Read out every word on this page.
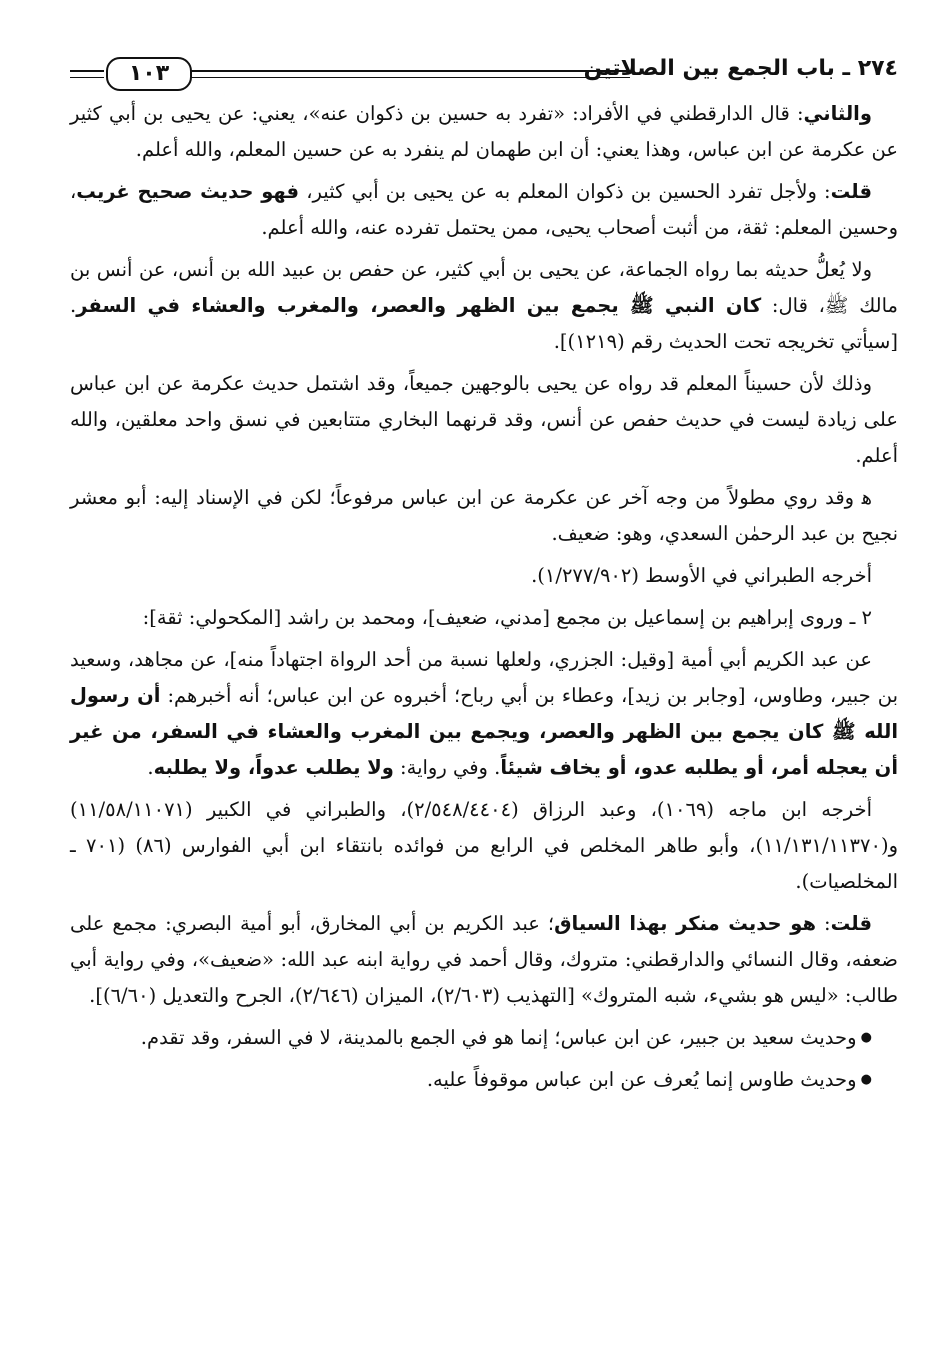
٢٧٤ ـ باب الجمع بين الصلاتين
١٠٣

والثاني: قال الدارقطني في الأفراد: «تفرد به حسين بن ذكوان عنه»، يعني: عن يحيى بن أبي كثير عن عكرمة عن ابن عباس، وهذا يعني: أن ابن طهمان لم ينفرد به عن حسين المعلم، والله أعلم.

قلت: ولأجل تفرد الحسين بن ذكوان المعلم به عن يحيى بن أبي كثير، فهو حديث صحيح غريب، وحسين المعلم: ثقة، من أثبت أصحاب يحيى، ممن يحتمل تفرده عنه، والله أعلم.

ولا يُعلُّ حديثه بما رواه الجماعة، عن يحيى بن أبي كثير، عن حفص بن عبيد الله بن أنس، عن أنس بن مالك ﷺ، قال: كان النبي ﷺ يجمع بين الظهر والعصر، والمغرب والعشاء في السفر. [سيأتي تخريجه تحت الحديث رقم (١٢١٩)].

وذلك لأن حسيناً المعلم قد رواه عن يحيى بالوجهين جميعاً، وقد اشتمل حديث عكرمة عن ابن عباس على زيادة ليست في حديث حفص عن أنس، وقد قرنهما البخاري متتابعين في نسق واحد معلقين، والله أعلم.

ﻫ وقد روي مطولاً من وجه آخر عن عكرمة عن ابن عباس مرفوعاً؛ لكن في الإسناد إليه: أبو معشر نجيح بن عبد الرحمٰن السعدي، وهو: ضعيف.

أخرجه الطبراني في الأوسط (١/٢٧٧/٩٠٢).

٢ ـ وروى إبراهيم بن إسماعيل بن مجمع [مدني، ضعيف]، ومحمد بن راشد [المكحولي: ثقة]:

عن عبد الكريم أبي أمية [وقيل: الجزري، ولعلها نسبة من أحد الرواة اجتهاداً منه]، عن مجاهد، وسعيد بن جبير، وطاوس، [وجابر بن زيد]، وعطاء بن أبي رباح؛ أخبروه عن ابن عباس؛ أنه أخبرهم: أن رسول الله ﷺ كان يجمع بين الظهر والعصر، ويجمع بين المغرب والعشاء في السفر، من غير أن يعجله أمر، أو يطلبه عدو، أو يخاف شيئاً. وفي رواية: ولا يطلب عدواً، ولا يطلبه.

أخرجه ابن ماجه (١٠٦٩)، وعبد الرزاق (٢/٥٤٨/٤٤٠٤)، والطبراني في الكبير (١١/٥٨/١١٠٧١) و(١١/١٣١/١١٣٧٠)، وأبو طاهر المخلص في الرابع من فوائده بانتقاء ابن أبي الفوارس (٨٦) (٧٠١ ـ المخلصيات).

قلت: هو حديث منكر بهذا السياق؛ عبد الكريم بن أبي المخارق، أبو أمية البصري: مجمع على ضعفه، وقال النسائي والدارقطني: متروك، وقال أحمد في رواية ابنه عبد الله: «ضعيف»، وفي رواية أبي طالب: «ليس هو بشيء، شبه المتروك» [التهذيب (٢/٦٠٣)، الميزان (٢/٦٤٦)، الجرح والتعديل (٦/٦٠)].

● وحديث سعيد بن جبير، عن ابن عباس؛ إنما هو في الجمع بالمدينة، لا في السفر، وقد تقدم.

● وحديث طاوس إنما يُعرف عن ابن عباس موقوفاً عليه.
